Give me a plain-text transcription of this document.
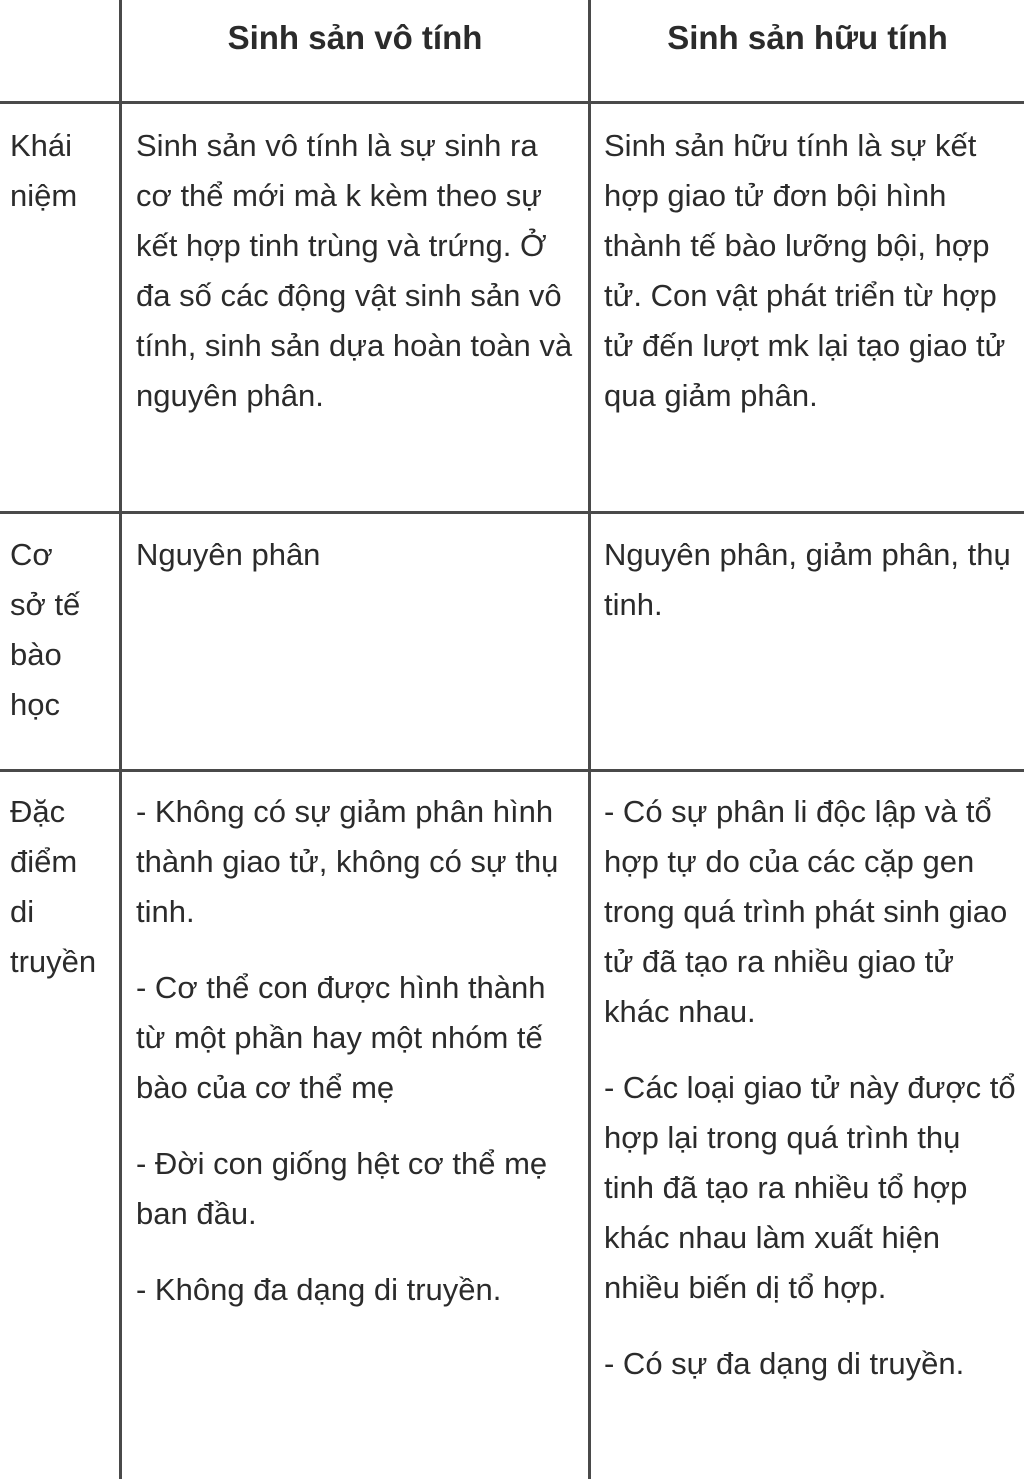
Sinh sản vô tính	Sinh sản hữu tính
Khái niệm

Sinh sản vô tính là sự sinh ra cơ thể mới mà k kèm theo sự kết hợp tinh trùng và trứng. Ở đa số các động vật sinh sản vô tính, sinh sản dựa hoàn toàn và nguyên phân.

Sinh sản hữu tính là sự kết hợp giao tử đơn bội hình thành tế bào lưỡng bội, hợp tử. Con vật phát triển từ hợp tử đến lượt mk lại tạo giao tử qua giảm phân.

Cơ sở tế bào học

Nguyên phân	Nguyên phân, giảm phân, thụ tinh.

Đặc điểm di truyền

- Không có sự giảm phân hình thành giao tử, không có sự thụ tinh.

- Cơ thể con được hình thành từ một phần hay một nhóm tế bào của cơ thể mẹ

- Đời con giống hệt cơ thể mẹ ban đầu.

- Không đa dạng di truyền.

- Có sự phân li độc lập và tổ hợp tự do của các cặp gen trong quá trình phát sinh giao tử đã tạo ra nhiều giao tử khác nhau.

- Các loại giao tử này được tổ hợp lại trong quá trình thụ tinh đã tạo ra nhiều tổ hợp khác nhau làm xuất hiện nhiều biến dị tổ hợp.

- Có sự đa dạng di truyền.
